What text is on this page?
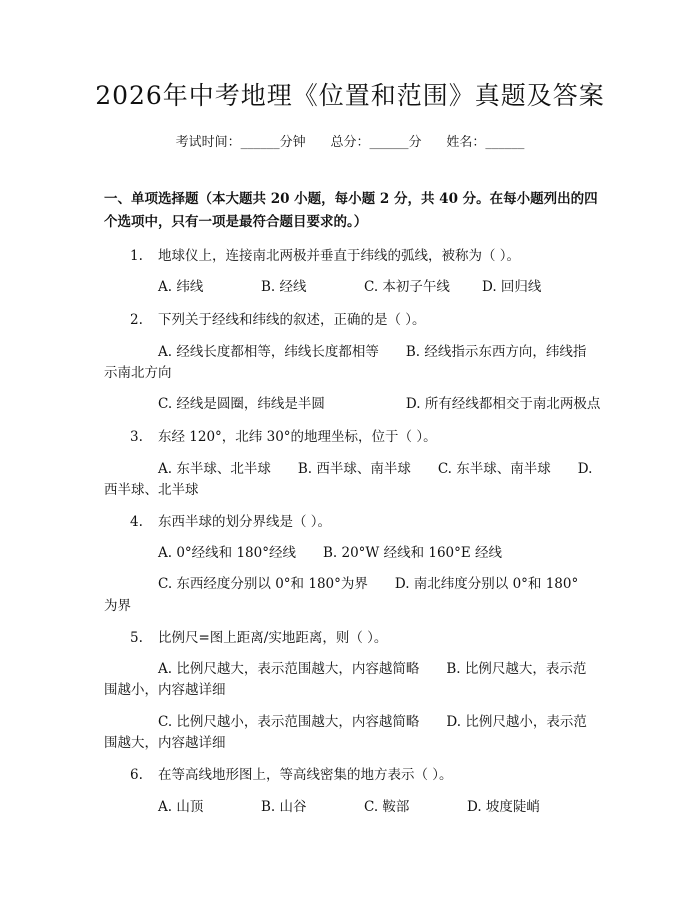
2026年中考地理《位置和范围》真题及答案
考试时间：______分钟 总分：______分 姓名：______
一、单项选择题（本大题共 20 小题，每小题 2 分，共 40 分。在每小题列出的四
个选项中，只有一项是最符合题目要求的。）
1. 地球仪上，连接南北两极并垂直于纬线的弧线，被称为（ ）。
A. 纬线	B. 经线	C. 本初子午线 D. 回归线
2. 下列关于经线和纬线的叙述，正确的是（ ）。
A. 经线长度都相等，纬线长度都相等　　B. 经线指示东西方向，纬线指
示南北方向
C. 经线是圆圈，纬线是半圆　　　　　　D. 所有经线都相交于南北两极点
3. 东经 120°，北纬 30°的地理坐标，位于（ ）。
A. 东半球、北半球　　B. 西半球、南半球　　C. 东半球、南半球　　D.
西半球、北半球
4. 东西半球的划分界线是（ ）。
A. 0°经线和 180°经线　　B. 20°W 经线和 160°E 经线
C. 东西经度分别以 0°和 180°为界　　D. 南北纬度分别以 0°和 180°
为界
5. 比例尺=图上距离/实地距离，则（ ）。
A. 比例尺越大，表示范围越大，内容越简略　　B. 比例尺越大，表示范
围越小，内容越详细
C. 比例尺越小，表示范围越大，内容越简略　　D. 比例尺越小，表示范
围越大，内容越详细
6. 在等高线地形图上，等高线密集的地方表示（ ）。
A. 山顶	B. 山谷	C. 鞍部	D. 坡度陡峭
